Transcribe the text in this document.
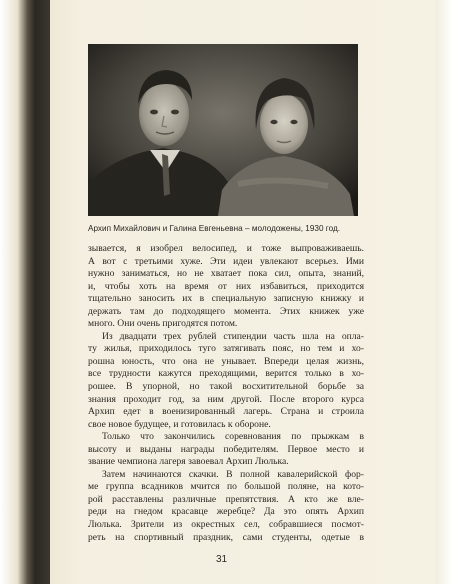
Архип Михайлович и Галина Евгеньевна – молодожены, 1930 год.
зывается, я изобрел велосипед, и тоже выпроваживаешь.
А вот с третьими хуже. Эти идеи увлекают всерьез. Ими
нужно заниматься, но не хватает пока сил, опыта, знаний,
и, чтобы хоть на время от них избавиться, приходится
тщательно заносить их в специальную записную книжку и
держать там до подходящего момента. Этих книжек уже
много. Они очень пригодятся потом.
Из двадцати трех рублей стипендии часть шла на опла-
ту жилья, приходилось туго затягивать пояс, но тем и хо-
рошна юность, что она не унывает. Впереди целая жизнь,
все трудности кажутся преходящими, верится только в хо-
рошее. В упорной, но такой восхитительной борьбе за
знания проходит год, за ним другой. После второго курса
Архип едет в военизированный лагерь. Страна и строила
свое новое будущее, и готовилась к обороне.
Только что закончились соревнования по прыжкам в
высоту и выданы награды победителям. Первое место и
звание чемпиона лагеря завоевал Архип Люлька.
Затем начинаются скачки. В полной кавалерийской фор-
ме группа всадников мчится по большой поляне, на кото-
рой расставлены различные препятствия. А кто же вле-
реди на гнедом красавце жеребце? Да это опять Архип
Люлька. Зрители из окрестных сел, собравшиеся посмот-
реть на спортивный праздник, сами студенты, одетые в
31
